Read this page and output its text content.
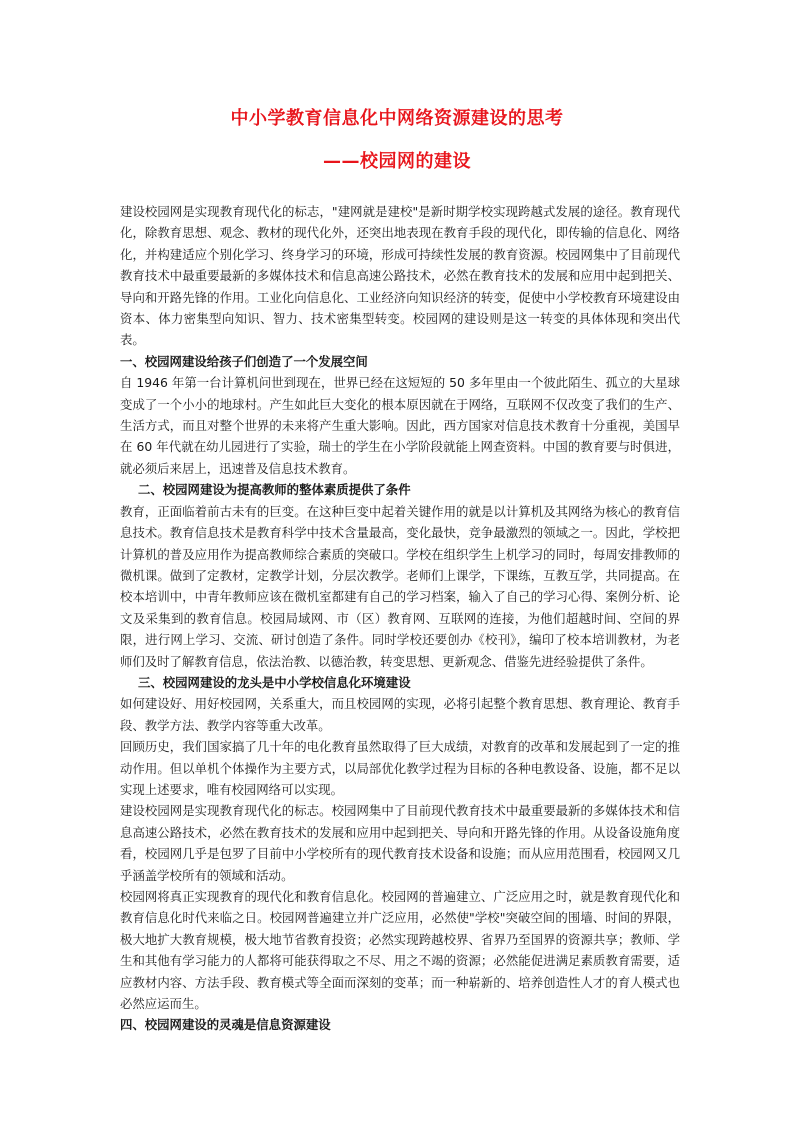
中小学教育信息化中网络资源建设的思考
——校园网的建设

建设校园网是实现教育现代化的标志，"建网就是建校"是新时期学校实现跨越式发展的途径。教育现代化，除教育思想、观念、教材的现代化外，还突出地表现在教育手段的现代化，即传输的信息化、网络化，并构建适应个别化学习、终身学习的环境，形成可持续性发展的教育资源。校园网集中了目前现代教育技术中最重要最新的多媒体技术和信息高速公路技术，必然在教育技术的发展和应用中起到把关、导向和开路先锋的作用。工业化向信息化、工业经济向知识经济的转变，促使中小学校教育环境建设由资本、体力密集型向知识、智力、技术密集型转变。校园网的建设则是这一转变的具体体现和突出代表。

一、校园网建设给孩子们创造了一个发展空间

自 1946 年第一台计算机问世到现在，世界已经在这短短的 50 多年里由一个彼此陌生、孤立的大星球变成了一个小小的地球村。产生如此巨大变化的根本原因就在于网络，互联网不仅改变了我们的生产、生活方式，而且对整个世界的未来将产生重大影响。因此，西方国家对信息技术教育十分重视，美国早在 60 年代就在幼儿园进行了实验，瑞士的学生在小学阶段就能上网查资料。中国的教育要与时俱进，就必须后来居上，迅速普及信息技术教育。

二、校园网建设为提高教师的整体素质提供了条件

教育，正面临着前古未有的巨变。在这种巨变中起着关键作用的就是以计算机及其网络为核心的教育信息技术。教育信息技术是教育科学中技术含量最高，变化最快，竞争最激烈的领域之一。因此，学校把计算机的普及应用作为提高教师综合素质的突破口。学校在组织学生上机学习的同时，每周安排教师的微机课。做到了定教材，定教学计划，分层次教学。老师们上课学，下课练，互教互学，共同提高。在校本培训中，中青年教师应该在微机室都建有自己的学习档案，输入了自己的学习心得、案例分析、论文及采集到的教育信息。校园局域网、市（区）教育网、互联网的连接，为他们超越时间、空间的界限，进行网上学习、交流、研讨创造了条件。同时学校还要创办《校刊》，编印了校本培训教材，为老师们及时了解教育信息，依法治教、以德治教，转变思想、更新观念、借鉴先进经验提供了条件。

三、校园网建设的龙头是中小学校信息化环境建设

如何建设好、用好校园网，关系重大，而且校园网的实现，必将引起整个教育思想、教育理论、教育手段、教学方法、教学内容等重大改革。

回顾历史，我们国家搞了几十年的电化教育虽然取得了巨大成绩，对教育的改革和发展起到了一定的推动作用。但以单机个体操作为主要方式，以局部优化教学过程为目标的各种电教设备、设施，都不足以实现上述要求，唯有校园网络可以实现。

建设校园网是实现教育现代化的标志。校园网集中了目前现代教育技术中最重要最新的多媒体技术和信息高速公路技术，必然在教育技术的发展和应用中起到把关、导向和开路先锋的作用。从设备设施角度看，校园网几乎是包罗了目前中小学校所有的现代教育技术设备和设施；而从应用范围看，校园网又几乎涵盖学校所有的领域和活动。

校园网将真正实现教育的现代化和教育信息化。校园网的普遍建立、广泛应用之时，就是教育现代化和教育信息化时代来临之日。校园网普遍建立并广泛应用，必然使"学校"突破空间的围墙、时间的界限，极大地扩大教育规模，极大地节省教育投资；必然实现跨越校界、省界乃至国界的资源共享；教师、学生和其他有学习能力的人都将可能获得取之不尽、用之不竭的资源；必然能促进满足素质教育需要，适应教材内容、方法手段、教育模式等全面而深刻的变革；而一种崭新的、培养创造性人才的育人模式也必然应运而生。

四、校园网建设的灵魂是信息资源建设
